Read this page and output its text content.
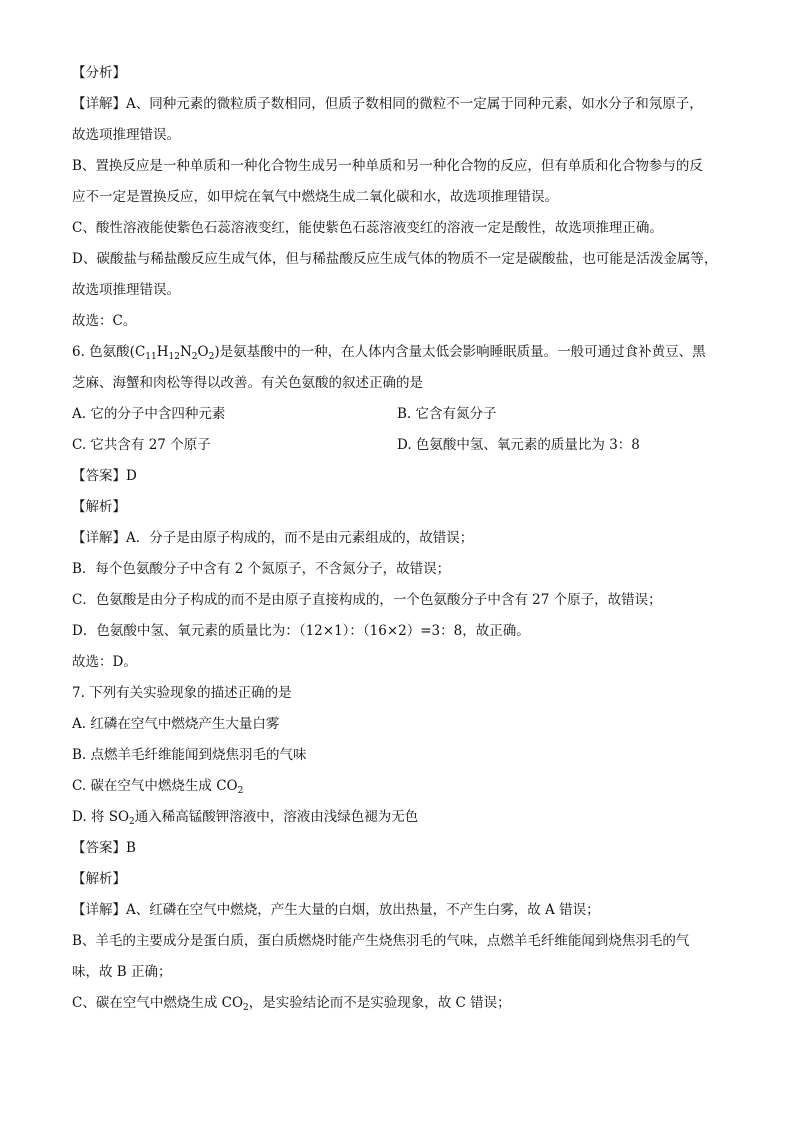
【分析】
【详解】A、同种元素的微粒质子数相同，但质子数相同的微粒不一定属于同种元素，如水分子和氖原子，
故选项推理错误。
B、置换反应是一种单质和一种化合物生成另一种单质和另一种化合物的反应，但有单质和化合物参与的反
应不一定是置换反应，如甲烷在氧气中燃烧生成二氧化碳和水，故选项推理错误。
C、酸性溶液能使紫色石蕊溶液变红，能使紫色石蕊溶液变红的溶液一定是酸性，故选项推理正确。
D、碳酸盐与稀盐酸反应生成气体，但与稀盐酸反应生成气体的物质不一定是碳酸盐，也可能是活泼金属等，
故选项推理错误。
故选：C。
6. 色氨酸$(C_{11}H_{12}N_2O_2)$是氨基酸中的一种，在人体内含量太低会影响睡眠质量。一般可通过食补黄豆、黑
芝麻、海蟹和肉松等得以改善。有关色氨酸的叙述正确的是
A. 它的分子中含四种元素	B. 它含有氮分子
C. 它共含有 27 个原子	D. 色氨酸中氢、氧元素的质量比为 3：8
【答案】D
【解析】
【详解】A．分子是由原子构成的，而不是由元素组成的，故错误；
B．每个色氨酸分子中含有 2 个氮原子，不含氮分子，故错误；
C．色氨酸是由分子构成的而不是由原子直接构成的，一个色氨酸分子中含有 27 个原子，故错误；
D．色氨酸中氢、氧元素的质量比为：（12×1）：（16×2）=3：8，故正确。
故选：D。
7. 下列有关实验现象的描述正确的是
A. 红磷在空气中燃烧产生大量白雾
B. 点燃羊毛纤维能闻到烧焦羽毛的气味
C. 碳在空气中燃烧生成 $CO_2$
D. 将 $SO_2$通入稀高锰酸钾溶液中，溶液由浅绿色褪为无色
【答案】B
【解析】
【详解】A、红磷在空气中燃烧，产生大量的白烟，放出热量，不产生白雾，故 A 错误；
B、羊毛的主要成分是蛋白质，蛋白质燃烧时能产生烧焦羽毛的气味，点燃羊毛纤维能闻到烧焦羽毛的气
味，故 B 正确；
C、碳在空气中燃烧生成 $CO_2$，是实验结论而不是实验现象，故 C 错误；
